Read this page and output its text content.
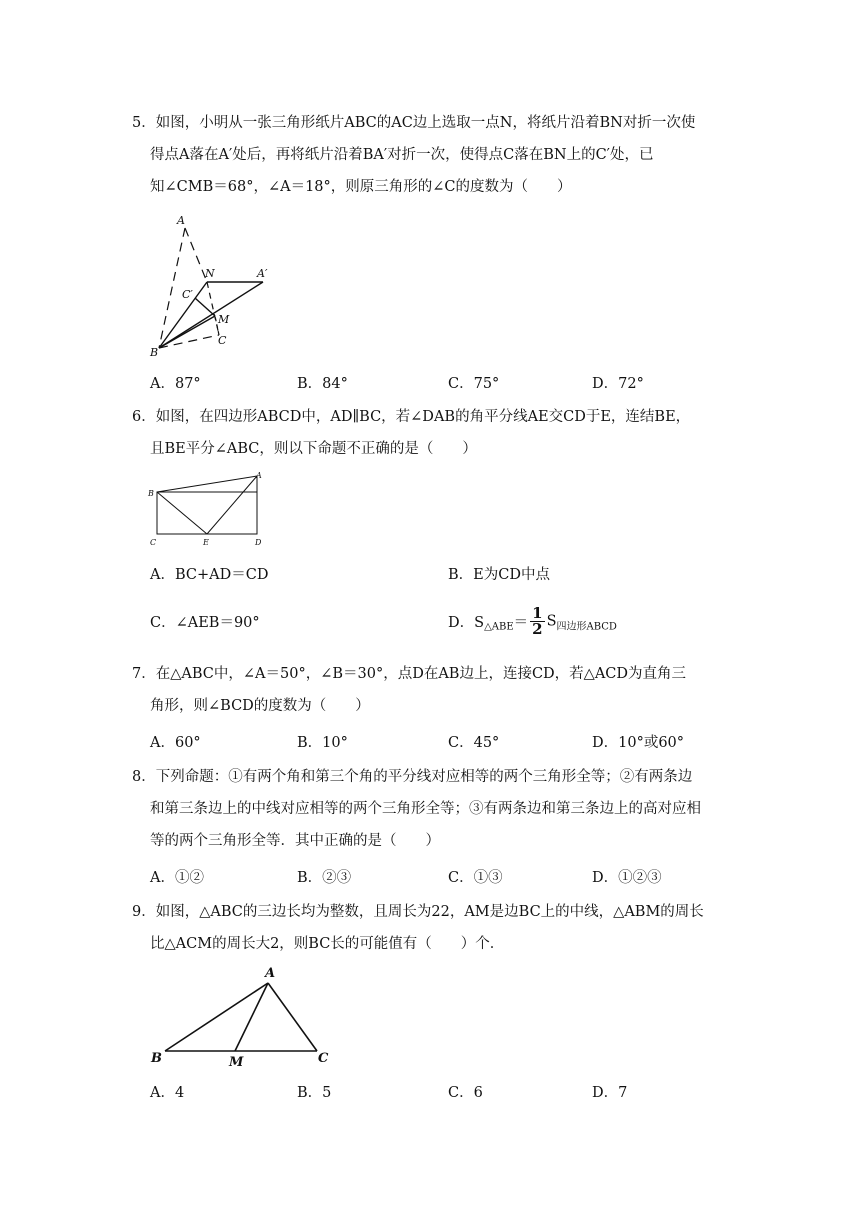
5．如图，小明从一张三角形纸片ABC的AC边上选取一点N，将纸片沿着BN对折一次使
得点A落在A′处后，再将纸片沿着BA′对折一次，使得点C落在BN上的C′处，已
知∠CMB＝68°，∠A＝18°，则原三角形的∠C的度数为（　　）
A
N	A′
C′
M
B
C
A．87°	B．84°	C．75°	D．72°
6．如图，在四边形ABCD中，AD∥BC，若∠DAB的角平分线AE交CD于E，连结BE，
且BE平分∠ABC，则以下命题不正确的是（　　）
A
B
C	E	D
A．BC+AD＝CD	B．E为CD中点
C．∠AEB＝90°	D．$S_{\triangle ABE}= \frac{1}{2} S_{四边形ABCD}$
7．在△ABC中，∠A＝50°，∠B＝30°，点D在AB边上，连接CD，若△ACD为直角三
角形，则∠BCD的度数为（　　）
A．60°	B．10°	C．45°	D．10°或60°
8．下列命题：①有两个角和第三个角的平分线对应相等的两个三角形全等；②有两条边
和第三条边上的中线对应相等的两个三角形全等；③有两条边和第三条边上的高对应相
等的两个三角形全等．其中正确的是（　　）
A．①②	B．②③	C．①③	D．①②③
9．如图，△ABC的三边长均为整数，且周长为22，AM是边BC上的中线，△ABM的周长
比△ACM的周长大2，则BC长的可能值有（　　）个．
A
B	M	C
A．4	B．5	C．6	D．7
